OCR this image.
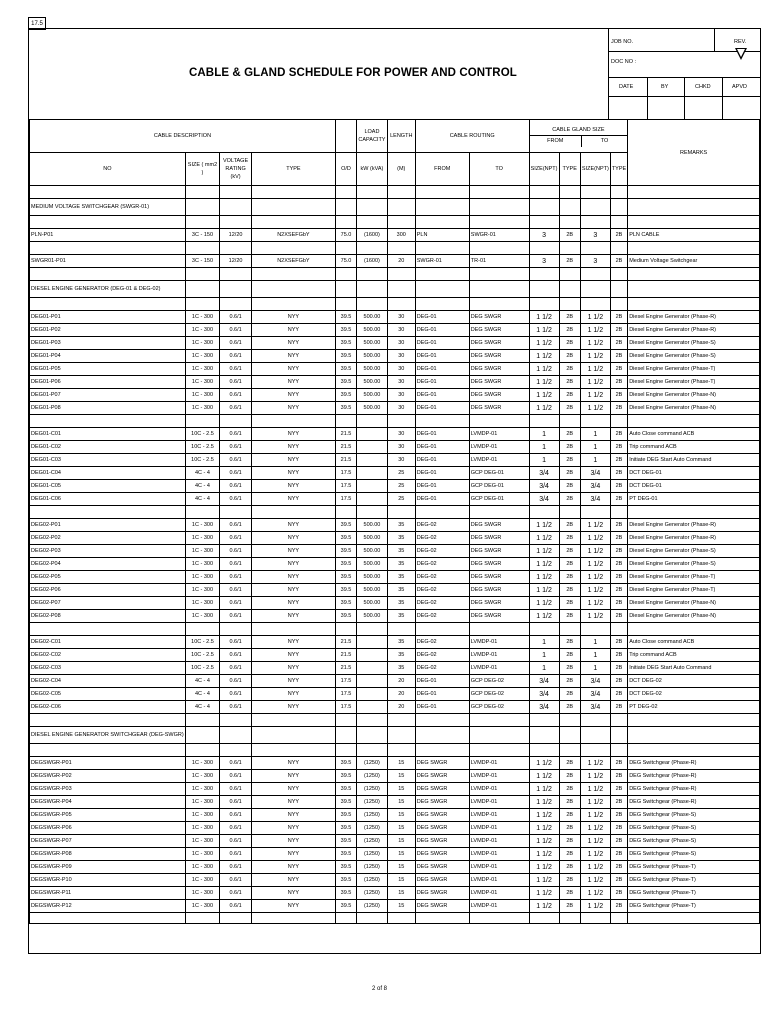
17.5
CABLE & GLAND SCHEDULE FOR POWER AND CONTROL
JOB NO.	REV.
DOC NO :
DATE	BY	CHKD	APVD
CABLE DESCRIPTION					LOAD CAPACITY	LENGTH	CABLE ROUTING		CABLE GLAND SIZE
FROM TO				REMARKS
NO	SIZE ( mm2 )	VOLTAGE RATING (kV)	TYPE	O/D	kW (kVA)	(M)	FROM	TO	SIZE(NPT)	TYPE	SIZE(NPT)	TYPE	

MEDIUM VOLTAGE SWITCHGEAR (SWGR-01)													

PLN-P01	3C - 150	12/20	N2XSEFGbY	75.0	(1600)	300	PLN	SWGR-01	3	2B	3	2B	PLN CABLE

SWGR01-P01	3C - 150	12/20	N2XSEFGbY	75.0	(1600)	20	SWGR-01	TR-01	3	2B	3	2B	Medium Voltage Switchgear

DIESEL ENGINE GENERATOR (DEG-01 & DEG-02)													

DEG01-P01	1C - 300	0.6/1	NYY	39.5	500.00	30	DEG-01	DEG SWGR	1 1/2	2B	1 1/2	2B	Diesel Engine Generator (Phase-R)
DEG01-P02	1C - 300	0.6/1	NYY	39.5	500.00	30	DEG-01	DEG SWGR	1 1/2	2B	1 1/2	2B	Diesel Engine Generator (Phase-R)
DEG01-P03	1C - 300	0.6/1	NYY	39.5	500.00	30	DEG-01	DEG SWGR	1 1/2	2B	1 1/2	2B	Diesel Engine Generator (Phase-S)
DEG01-P04	1C - 300	0.6/1	NYY	39.5	500.00	30	DEG-01	DEG SWGR	1 1/2	2B	1 1/2	2B	Diesel Engine Generator (Phase-S)
DEG01-P05	1C - 300	0.6/1	NYY	39.5	500.00	30	DEG-01	DEG SWGR	1 1/2	2B	1 1/2	2B	Diesel Engine Generator (Phase-T)
DEG01-P06	1C - 300	0.6/1	NYY	39.5	500.00	30	DEG-01	DEG SWGR	1 1/2	2B	1 1/2	2B	Diesel Engine Generator (Phase-T)
DEG01-P07	1C - 300	0.6/1	NYY	39.5	500.00	30	DEG-01	DEG SWGR	1 1/2	2B	1 1/2	2B	Diesel Engine Generator (Phase-N)
DEG01-P08	1C - 300	0.6/1	NYY	39.5	500.00	30	DEG-01	DEG SWGR	1 1/2	2B	1 1/2	2B	Diesel Engine Generator (Phase-N)

DEG01-C01	10C - 2.5	0.6/1	NYY	21.5		30	DEG-01	LVMDP-01	1	2B	1	2B	Auto Close command ACB
DEG01-C02	10C - 2.5	0.6/1	NYY	21.5		30	DEG-01	LVMDP-01	1	2B	1	2B	Trip command ACB
DEG01-C03	10C - 2.5	0.6/1	NYY	21.5		30	DEG-01	LVMDP-01	1	2B	1	2B	Initiate DEG Start Auto Command
DEG01-C04	4C - 4	0.6/1	NYY	17.5		25	DEG-01	GCP DEG-01	3/4	2B	3/4	2B	DCT DEG-01
DEG01-C05	4C - 4	0.6/1	NYY	17.5		25	DEG-01	GCP DEG-01	3/4	2B	3/4	2B	DCT DEG-01
DEG01-C06	4C - 4	0.6/1	NYY	17.5		25	DEG-01	GCP DEG-01	3/4	2B	3/4	2B	PT DEG-01

DEG02-P01	1C - 300	0.6/1	NYY	39.5	500.00	35	DEG-02	DEG SWGR	1 1/2	2B	1 1/2	2B	Diesel Engine Generator (Phase-R)
DEG02-P02	1C - 300	0.6/1	NYY	39.5	500.00	35	DEG-02	DEG SWGR	1 1/2	2B	1 1/2	2B	Diesel Engine Generator (Phase-R)
DEG02-P03	1C - 300	0.6/1	NYY	39.5	500.00	35	DEG-02	DEG SWGR	1 1/2	2B	1 1/2	2B	Diesel Engine Generator (Phase-S)
DEG02-P04	1C - 300	0.6/1	NYY	39.5	500.00	35	DEG-02	DEG SWGR	1 1/2	2B	1 1/2	2B	Diesel Engine Generator (Phase-S)
DEG02-P05	1C - 300	0.6/1	NYY	39.5	500.00	35	DEG-02	DEG SWGR	1 1/2	2B	1 1/2	2B	Diesel Engine Generator (Phase-T)
DEG02-P06	1C - 300	0.6/1	NYY	39.5	500.00	35	DEG-02	DEG SWGR	1 1/2	2B	1 1/2	2B	Diesel Engine Generator (Phase-T)
DEG02-P07	1C - 300	0.6/1	NYY	39.5	500.00	35	DEG-02	DEG SWGR	1 1/2	2B	1 1/2	2B	Diesel Engine Generator (Phase-N)
DEG02-P08	1C - 300	0.6/1	NYY	39.5	500.00	35	DEG-02	DEG SWGR	1 1/2	2B	1 1/2	2B	Diesel Engine Generator (Phase-N)

DEG02-C01	10C - 2.5	0.6/1	NYY	21.5		35	DEG-02	LVMDP-01	1	2B	1	2B	Auto Close command ACB
DEG02-C02	10C - 2.5	0.6/1	NYY	21.5		35	DEG-02	LVMDP-01	1	2B	1	2B	Trip command ACB
DEG02-C03	10C - 2.5	0.6/1	NYY	21.5		35	DEG-02	LVMDP-01	1	2B	1	2B	Initiate DEG Start Auto Command
DEG02-C04	4C - 4	0.6/1	NYY	17.5		20	DEG-01	GCP DEG-02	3/4	2B	3/4	2B	DCT DEG-02
DEG02-C05	4C - 4	0.6/1	NYY	17.5		20	DEG-01	GCP DEG-02	3/4	2B	3/4	2B	DCT DEG-02
DEG02-C06	4C - 4	0.6/1	NYY	17.5		20	DEG-01	GCP DEG-02	3/4	2B	3/4	2B	PT DEG-02

DIESEL ENGINE GENERATOR SWITCHGEAR (DEG-SWGR)													

DEGSWGR-P01	1C - 300	0.6/1	NYY	39.5	(1250)	15	DEG SWGR	LVMDP-01	1 1/2	2B	1 1/2	2B	DEG Switchgear (Phase-R)
DEGSWGR-P02	1C - 300	0.6/1	NYY	39.5	(1250)	15	DEG SWGR	LVMDP-01	1 1/2	2B	1 1/2	2B	DEG Switchgear (Phase-R)
DEGSWGR-P03	1C - 300	0.6/1	NYY	39.5	(1250)	15	DEG SWGR	LVMDP-01	1 1/2	2B	1 1/2	2B	DEG Switchgear (Phase-R)
DEGSWGR-P04	1C - 300	0.6/1	NYY	39.5	(1250)	15	DEG SWGR	LVMDP-01	1 1/2	2B	1 1/2	2B	DEG Switchgear (Phase-R)
DEGSWGR-P05	1C - 300	0.6/1	NYY	39.5	(1250)	15	DEG SWGR	LVMDP-01	1 1/2	2B	1 1/2	2B	DEG Switchgear (Phase-S)
DEGSWGR-P06	1C - 300	0.6/1	NYY	39.5	(1250)	15	DEG SWGR	LVMDP-01	1 1/2	2B	1 1/2	2B	DEG Switchgear (Phase-S)
DEGSWGR-P07	1C - 300	0.6/1	NYY	39.5	(1250)	15	DEG SWGR	LVMDP-01	1 1/2	2B	1 1/2	2B	DEG Switchgear (Phase-S)
DEGSWGR-P08	1C - 300	0.6/1	NYY	39.5	(1250)	15	DEG SWGR	LVMDP-01	1 1/2	2B	1 1/2	2B	DEG Switchgear (Phase-S)
DEGSWGR-P09	1C - 300	0.6/1	NYY	39.5	(1250)	15	DEG SWGR	LVMDP-01	1 1/2	2B	1 1/2	2B	DEG Switchgear (Phase-T)
DEGSWGR-P10	1C - 300	0.6/1	NYY	39.5	(1250)	15	DEG SWGR	LVMDP-01	1 1/2	2B	1 1/2	2B	DEG Switchgear (Phase-T)
DEGSWGR-P11	1C - 300	0.6/1	NYY	39.5	(1250)	15	DEG SWGR	LVMDP-01	1 1/2	2B	1 1/2	2B	DEG Switchgear (Phase-T)
DEGSWGR-P12	1C - 300	0.6/1	NYY	39.5	(1250)	15	DEG SWGR	LVMDP-01	1 1/2	2B	1 1/2	2B	DEG Switchgear (Phase-T)

2 of 8
